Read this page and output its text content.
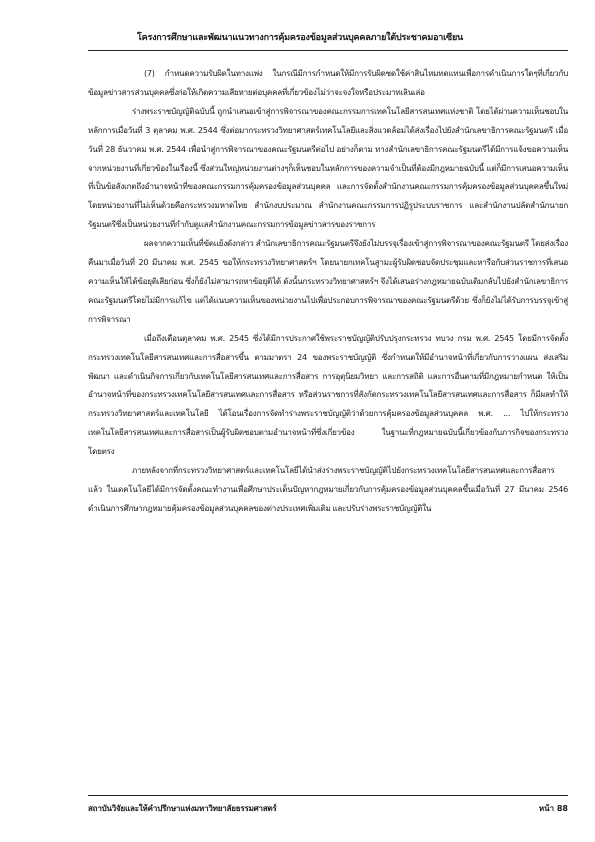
โครงการศึกษาและพัฒนาแนวทางการคุ้มครองข้อมูลส่วนบุคคลภายใต้ประชาคมอาเซียน

(7) กำหนดความรับผิดในทางแพ่ง ในกรณีมีการกำหนดให้มีการรับผิดชดใช้ค่าสินไหมทดแทนเพื่อการดำเนินการใดๆที่เกี่ยวกับข้อมูลข่าวสารส่วนบุคคลซึ่งก่อให้เกิดความเสียหายต่อบุคคลที่เกี่ยวข้องไม่ว่าจะจงใจหรือประมาทเลินเล่อ

ร่างพระราชบัญญัติฉบับนี้ ถูกนำเสนอเข้าสู่การพิจารณาของคณะกรรมการเทคโนโลยีสารสนเทศแห่งชาติ โดยได้ผ่านความเห็นชอบในหลักการเมื่อวันที่ 3 ตุลาคม พ.ศ. 2544 ซึ่งต่อมากระทรวงวิทยาศาสตร์เทคโนโลยีและสิ่งแวดล้อมได้ส่งเรื่องไปยังสำนักเลขาธิการคณะรัฐมนตรี เมื่อวันที่ 28 ธันวาคม พ.ศ. 2544 เพื่อนำสู่การพิจารณาของคณะรัฐมนตรีต่อไป อย่างก็ตาม ทางสำนักเลขาธิการคณะรัฐมนตรีได้มีการแจ้งขอความเห็นจากหน่วยงานที่เกี่ยวข้องในเรื่องนี้ ซึ่งส่วนใหญ่หน่วยงานต่างๆก็เห็นชอบในหลักการของความจำเป็นที่ต้องมีกฎหมายฉบับนี้ แต่ก็มีการเสนอความเห็นที่เป็นข้อสังเกตถึงอำนาจหน้าที่ของคณะกรรมการคุ้มครองข้อมูลส่วนบุคคล และการจัดตั้งสำนักงานคณะกรรมการคุ้มครองข้อมูลส่วนบุคคลขึ้นใหม่ โดยหน่วยงานที่ไม่เห็นด้วยคือกระทรวงมหาดไทย สำนักงบประมาณ สำนักงานคณะกรรมการปฏิรูประบบราชการ และสำนักงานปลัดสำนักนายกรัฐมนตรีซึ่งเป็นหน่วยงานที่กำกับดูแลสำนักงานคณะกรรมการข้อมูลข่าวสารของราชการ

ผลจากความเห็นที่ขัดแย้งดังกล่าว สำนักเลขาธิการคณะรัฐมนตรีจึงยังไม่บรรจุเรื่องเข้าสู่การพิจารณาของคณะรัฐมนตรี โดยส่งเรื่องคืนมาเมื่อวันที่ 20 มีนาคม พ.ศ. 2545 ขอให้กระทรวงวิทยาศาสตร์ฯ โดยนายกเทคโนสูามะผู้รับผิดชอบจัดประชุมและหารือกับส่วนราชการที่เสนอความเห็นให้ได้ข้อยุติเสียก่อน ซึ่งก็ยังไม่สามารถหาข้อยุติได้ ดังนั้นกระทรวงวิทยาศาสตร์ฯ จึงได้เสนอร่างกฎหมายฉบับเดิมกลับไปยังสำนักเลขาธิการคณะรัฐมนตรีโดยไม่มีการแก้ไข แต่ได้แนบความเห็นของหน่วยงานไปเพื่อประกอบการพิจารณาของคณะรัฐมนตรีด้วย ซึ่งก็ยังไม่ได้รับการบรรจุเข้าสู่การพิจารณา

เมื่อถึงเดือนตุลาคม พ.ศ. 2545 ซึ่งได้มีการประกาศใช้พระราชบัญญัติปรับปรุงกระทรวง ทบวง กรม พ.ศ. 2545 โดยมีการจัดตั้งกระทรวงเทคโนโลยีสารสนเทศและการสื่อสารขึ้น ตามมาตรา 24 ของพระราชบัญญัติ ซึ่งกำหนดให้มีอำนาจหน้าที่เกี่ยวกับการวางแผน ส่งเสริม พัฒนา และดำเนินกิจการเกี่ยวกับเทคโนโลยีสารสนเทศและการสื่อสาร การอุตุนิยมวิทยา และการสถิติ และการอื่นตามที่มีกฎหมายกำหนด ให้เป็นอำนาจหน้าที่ของกระทรวงเทคโนโลยีสารสนเทศและการสื่อสาร หรือส่วนราชการที่สังกัดกระทรวงเทคโนโลยีสารสนเทศและการสื่อสาร ก็มีผลทำให้กระทรวงวิทยาศาสตร์และเทคโนโลยี ได้โอนเรื่องการจัดทำร่างพระราชบัญญัติว่าด้วยการคุ้มครองข้อมูลส่วนบุคคล พ.ศ. ... ไปให้กระทรวงเทคโนโลยีสารสนเทศและการสื่อสารเป็นผู้รับผิดชอบตามอำนาจหน้าที่ซึ่งเกี่ยวข้อง ในฐานะที่กฎหมายฉบับนี้เกี่ยวข้องกับภารกิจของกระทรวงโดยตรง

ภายหลังจากที่กระทรวงวิทยาศาสตร์และเทคโนโลยีได้นำส่งร่างพระราชบัญญัติไปยังกระทรวงเทคโนโลยีสารสนเทศและการสื่อสารแล้ว ในเดคโนโลยีได้มีการจัดตั้งคณะทำงานเพื่อศึกษาประเด็นปัญหากฎหมายเกี่ยวกับการคุ้มครองข้อมูลส่วนบุคคลขึ้นเมื่อวันที่ 27 มีนาคม 2546 ดำเนินการศึกษากฎหมายคุ้มครองข้อมูลส่วนบุคคลของต่างประเทศเพิ่มเติม และปรับร่างพระราชบัญญัติใน

สถาบันวิจัยและให้คำปรึกษาแห่งมหาวิทยาลัยธรรมศาสตร์	หน้า 88
